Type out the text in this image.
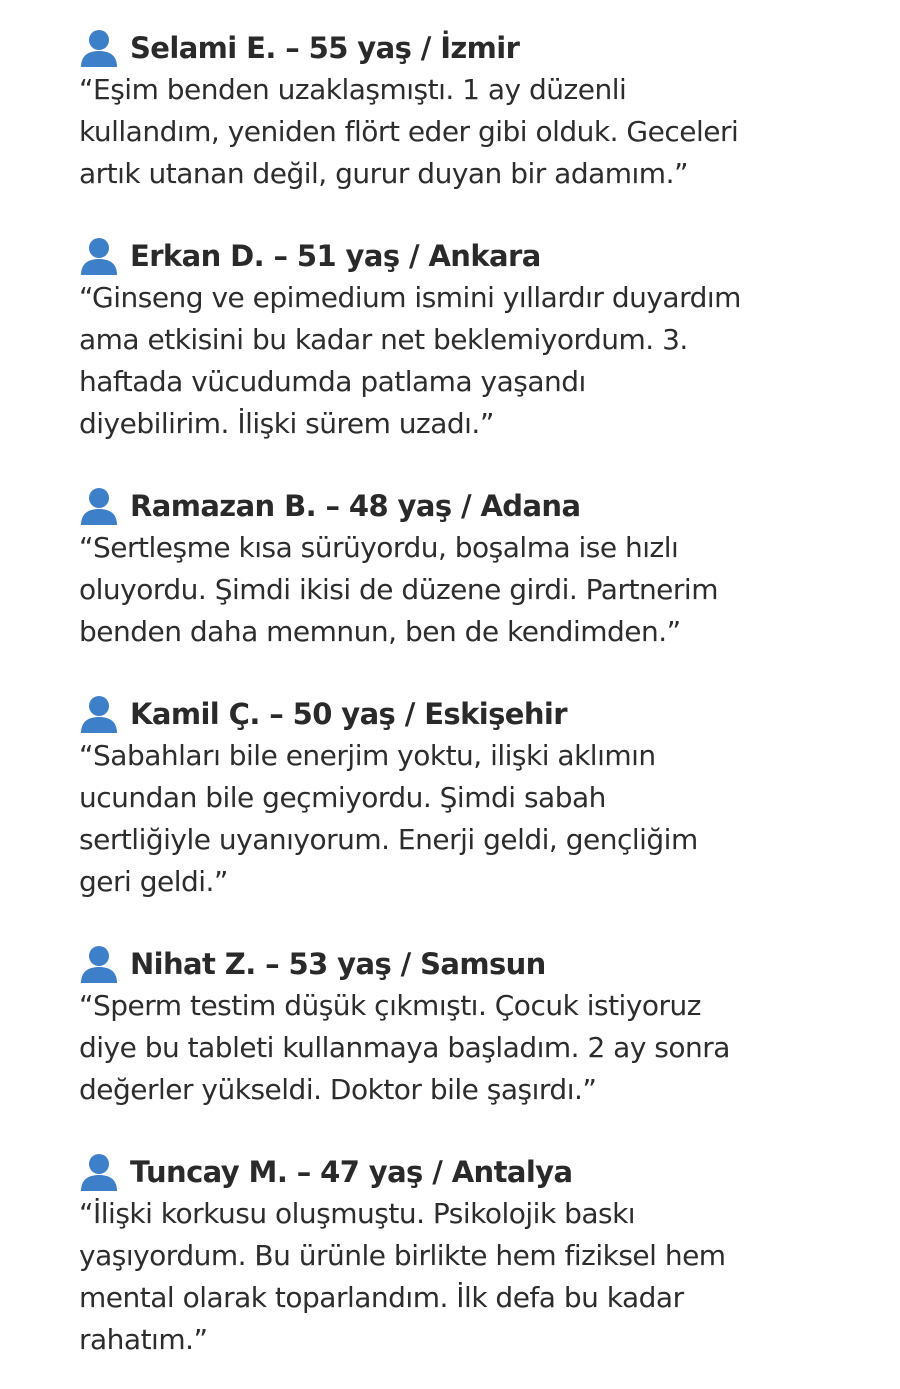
Selami E. – 55 yaş / İzmir

“Eşim benden uzaklaşmıştı. 1 ay düzenli
kullandım, yeniden flört eder gibi olduk. Geceleri
artık utanan değil, gurur duyan bir adamım.”

Erkan D. – 51 yaş / Ankara

“Ginseng ve epimedium ismini yıllardır duyardım
ama etkisini bu kadar net beklemiyordum. 3.
haftada vücudumda patlama yaşandı
diyebilirim. İlişki sürem uzadı.”

Ramazan B. – 48 yaş / Adana

“Sertleşme kısa sürüyordu, boşalma ise hızlı
oluyordu. Şimdi ikisi de düzene girdi. Partnerim
benden daha memnun, ben de kendimden.”

Kamil Ç. – 50 yaş / Eskişehir

“Sabahları bile enerjim yoktu, ilişki aklımın
ucundan bile geçmiyordu. Şimdi sabah
sertliğiyle uyanıyorum. Enerji geldi, gençliğim
geri geldi.”

Nihat Z. – 53 yaş / Samsun

“Sperm testim düşük çıkmıştı. Çocuk istiyoruz
diye bu tableti kullanmaya başladım. 2 ay sonra
değerler yükseldi. Doktor bile şaşırdı.”

Tuncay M. – 47 yaş / Antalya

“İlişki korkusu oluşmuştu. Psikolojik baskı
yaşıyordum. Bu ürünle birlikte hem fiziksel hem
mental olarak toparlandım. İlk defa bu kadar
rahatım.”
